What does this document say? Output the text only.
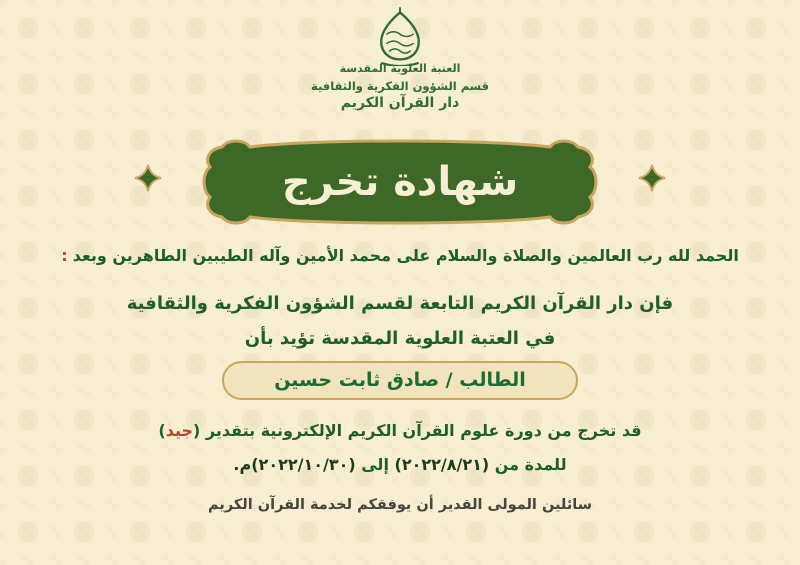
العتبة العلوية المقدسة
قسم الشؤون الفكرية والثقافية
دار القرآن الكريم

شهادة تخرج

الحمد لله رب العالمين والصلاة والسلام على محمد الأمين وآله الطيبين الطاهرين وبعد:
فإن دار القرآن الكريم التابعة لقسم الشؤون الفكرية والثقافية
في العتبة العلوية المقدسة تؤيد بأن
الطالب / صادق ثابت حسين
قد تخرج من دورة علوم القرآن الكريم الإلكترونية بتقدير (جيد)
للمدة من (٢٠٢٢/٨/٢١) إلى (٢٠٢٢/١٠/٣٠)م.
سائلين المولى القدير أن يوفقكم لخدمة القرآن الكريم
